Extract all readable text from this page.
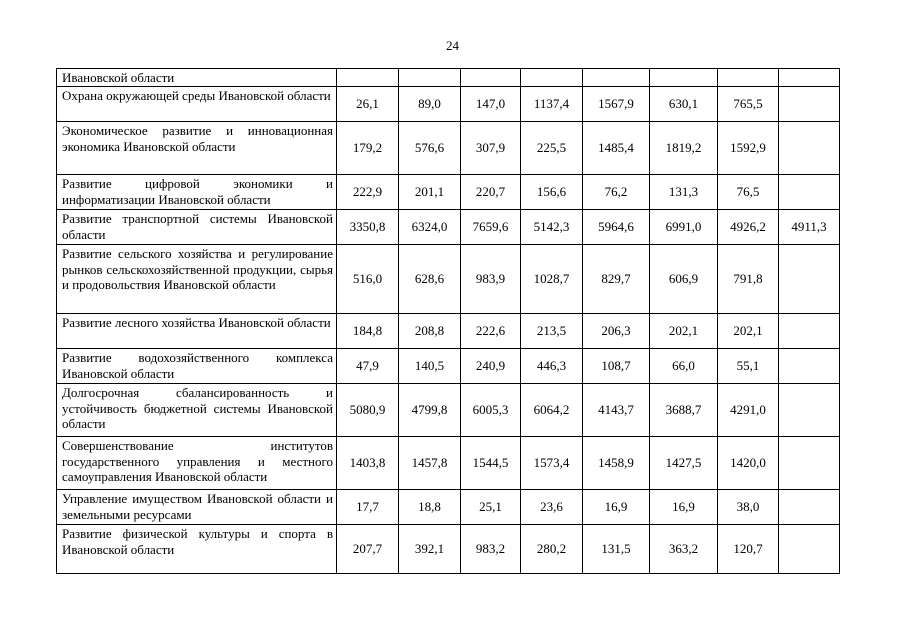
24
Ивановской области								
Охрана окружающей среды Ивановской области	26,1	89,0	147,0	1137,4	1567,9	630,1	765,5	
Экономическое развитие и инновационная экономика Ивановской области	179,2	576,6	307,9	225,5	1485,4	1819,2	1592,9	
Развитие цифровой экономики и информатизации Ивановской области	222,9	201,1	220,7	156,6	76,2	131,3	76,5	
Развитие транспортной системы Ивановской области	3350,8	6324,0	7659,6	5142,3	5964,6	6991,0	4926,2	4911,3
Развитие сельского хозяйства и регулирование рынков сельскохозяйственной продукции, сырья и продовольствия Ивановской области	516,0	628,6	983,9	1028,7	829,7	606,9	791,8	
Развитие лесного хозяйства Ивановской области	184,8	208,8	222,6	213,5	206,3	202,1	202,1	
Развитие водохозяйственного комплекса Ивановской области	47,9	140,5	240,9	446,3	108,7	66,0	55,1	
Долгосрочная сбалансированность и устойчивость бюджетной системы Ивановской области	5080,9	4799,8	6005,3	6064,2	4143,7	3688,7	4291,0	
Совершенствование институтов государственного управления и местного самоуправления Ивановской области	1403,8	1457,8	1544,5	1573,4	1458,9	1427,5	1420,0	
Управление имуществом Ивановской области и земельными ресурсами	17,7	18,8	25,1	23,6	16,9	16,9	38,0	
Развитие физической культуры и спорта в Ивановской области	207,7	392,1	983,2	280,2	131,5	363,2	120,7	
